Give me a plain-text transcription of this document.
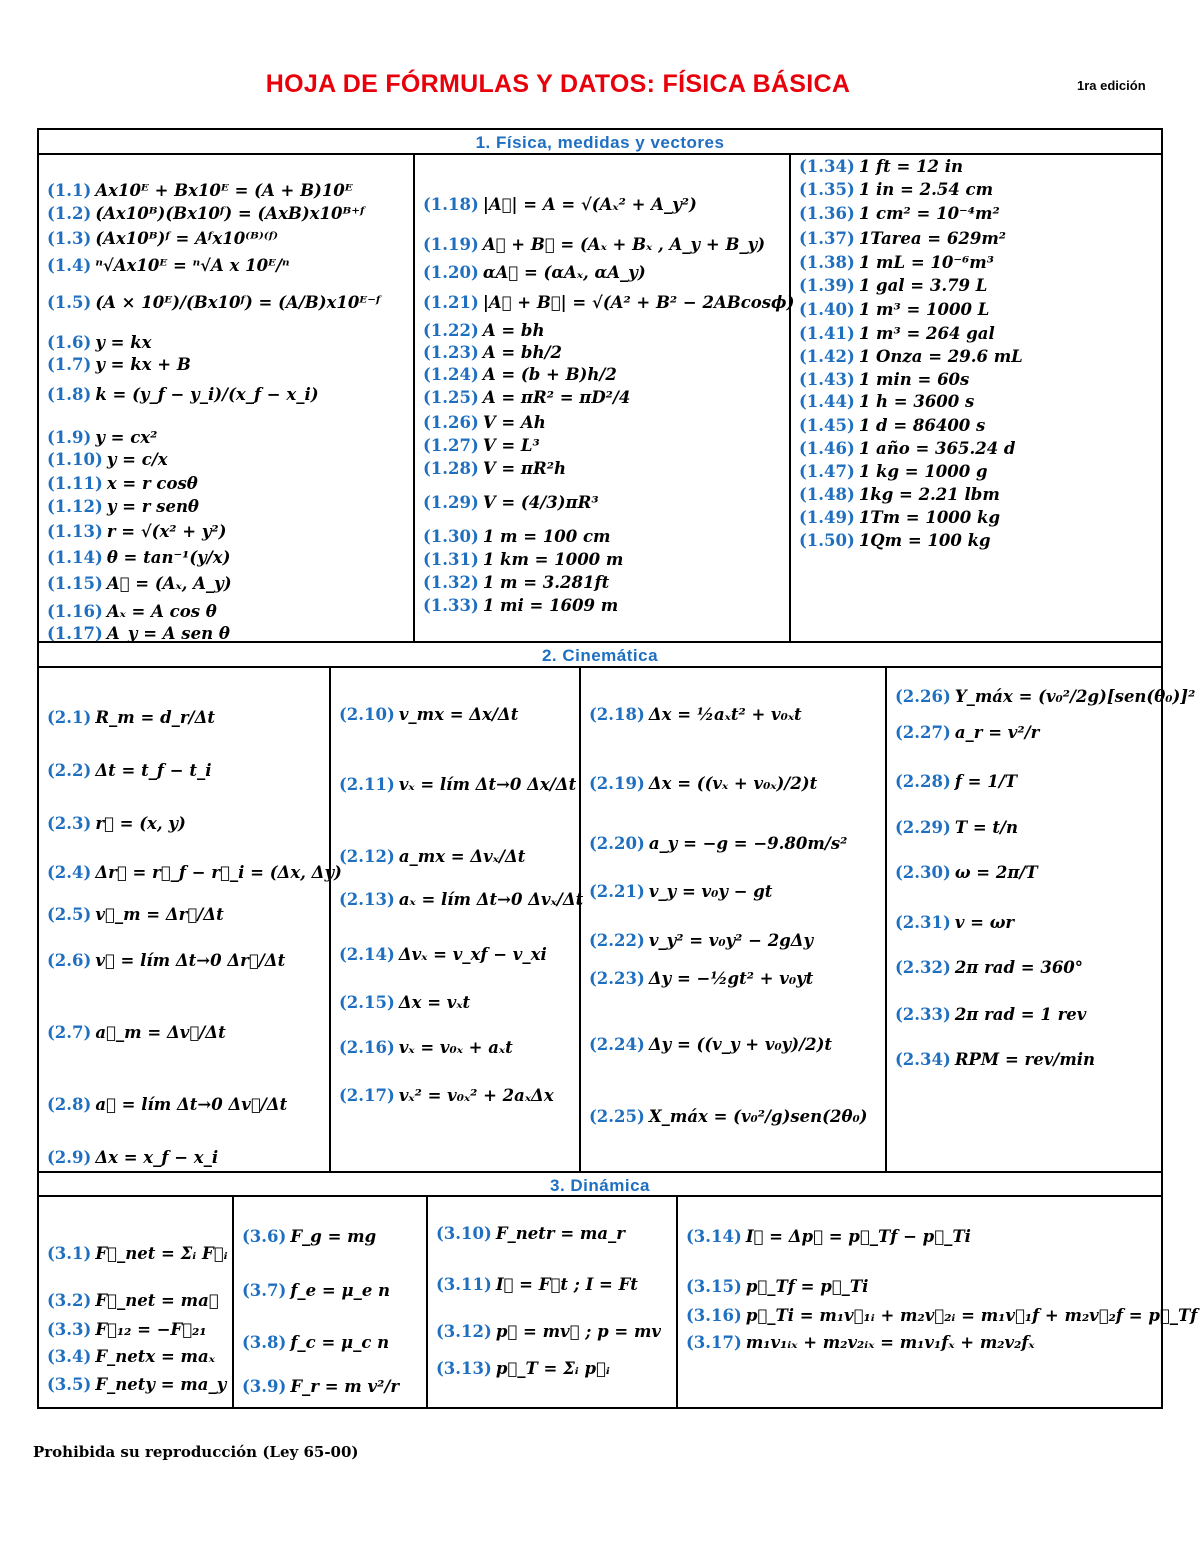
HOJA DE FÓRMULAS Y DATOS: FÍSICA BÁSICA	1ra edición
1. Física, medidas y vectores
(1.1) Ax10ᴱ + Bx10ᴱ = (A + B)10ᴱ
(1.2) (Ax10ᴮ)(Bx10ᶠ) = (AxB)x10ᴮ⁺ᶠ
(1.3) (Ax10ᴮ)ᶠ = Aᶠx10⁽ᴮ⁾⁽ᶠ⁾
(1.4) ⁿ√Ax10ᴱ = ⁿ√A x 10ᴱ/ⁿ
(1.5) (A × 10ᴱ)/(Bx10ᶠ) = (A/B)x10ᴱ⁻ᶠ
(1.6) y = kx
(1.7) y = kx + B
(1.8) k = (y_f − y_i)/(x_f − x_i)
(1.9) y = cx²
(1.10) y = c/x
(1.11) x = r cosθ
(1.12) y = r senθ
(1.13) r = √(x² + y²)
(1.14) θ = tan⁻¹(y/x)
(1.15) A⃗ = (Aₓ, A_y)
(1.16) Aₓ = A cos θ
(1.17) A_y = A sen θ
(1.18) |A⃗| = A = √(Aₓ² + A_y²)
(1.19) A⃗ + B⃗ = (Aₓ + Bₓ , A_y + B_y)
(1.20) αA⃗ = (αAₓ, αA_y)
(1.21) |A⃗ + B⃗| = √(A² + B² − 2ABcosϕ)
(1.22) A = bh
(1.23) A = bh/2
(1.24) A = (b + B)h/2
(1.25) A = πR² = πD²/4
(1.26) V = Ah
(1.27) V = L³
(1.28) V = πR²h
(1.29) V = (4/3)πR³
(1.30) 1 m = 100 cm
(1.31) 1 km = 1000 m
(1.32) 1 m = 3.281ft
(1.33) 1 mi = 1609 m
(1.34) 1 ft = 12 in
(1.35) 1 in = 2.54 cm
(1.36) 1 cm² = 10⁻⁴m²
(1.37) 1Tarea = 629m²
(1.38) 1 mL = 10⁻⁶m³
(1.39) 1 gal = 3.79 L
(1.40) 1 m³ = 1000 L
(1.41) 1 m³ = 264 gal
(1.42) 1 Onza = 29.6 mL
(1.43) 1 min = 60s
(1.44) 1 h = 3600 s
(1.45) 1 d = 86400 s
(1.46) 1 año = 365.24 d
(1.47) 1 kg = 1000 g
(1.48) 1kg = 2.21 lbm
(1.49) 1Tm = 1000 kg
(1.50) 1Qm = 100 kg
2. Cinemática
(2.1) R_m = d_r/Δt
(2.2) Δt = t_f − t_i
(2.3) r⃗ = (x, y)
(2.4) Δr⃗ = r⃗_f − r⃗_i = (Δx, Δy)
(2.5) v⃗_m = Δr⃗/Δt
(2.6) v⃗ = lím Δt→0 Δr⃗/Δt
(2.7) a⃗_m = Δv⃗/Δt
(2.8) a⃗ = lím Δt→0 Δv⃗/Δt
(2.9) Δx = x_f − x_i
(2.10) v_mx = Δx/Δt
(2.11) vₓ = lím Δt→0 Δx/Δt
(2.12) a_mx = Δvₓ/Δt
(2.13) aₓ = lím Δt→0 Δvₓ/Δt
(2.14) Δvₓ = v_xf − v_xi
(2.15) Δx = vₓt
(2.16) vₓ = v₀ₓ + aₓt
(2.17) vₓ² = v₀ₓ² + 2aₓΔx
(2.18) Δx = ½aₓt² + v₀ₓt
(2.19) Δx = ((vₓ + v₀ₓ)/2)t
(2.20) a_y = −g = −9.80m/s²
(2.21) v_y = v₀y − gt
(2.22) v_y² = v₀y² − 2gΔy
(2.23) Δy = −½gt² + v₀yt
(2.24) Δy = ((v_y + v₀y)/2)t
(2.25) X_máx = (v₀²/g)sen(2θ₀)
(2.26) Y_máx = (v₀²/2g)[sen(θ₀)]²
(2.27) a_r = v²/r
(2.28) f = 1/T
(2.29) T = t/n
(2.30) ω = 2π/T
(2.31) v = ωr
(2.32) 2π rad = 360°
(2.33) 2π rad = 1 rev
(2.34) RPM = rev/min
3. Dinámica
(3.1) F⃗_net = Σᵢ F⃗ᵢ
(3.2) F⃗_net = ma⃗
(3.3) F⃗₁₂ = −F⃗₂₁
(3.4) F_netx = maₓ
(3.5) F_nety = ma_y
(3.6) F_g = mg
(3.7) f_e = μ_e n
(3.8) f_c = μ_c n
(3.9) F_r = m v²/r
(3.10) F_netr = ma_r
(3.11) I⃗ = F⃗t ; I = Ft
(3.12) p⃗ = mv⃗ ; p = mv
(3.13) p⃗_T = Σᵢ p⃗ᵢ
(3.14) I⃗ = Δp⃗ = p⃗_Tf − p⃗_Ti
(3.15) p⃗_Tf = p⃗_Ti
(3.16) p⃗_Ti = m₁v⃗₁ᵢ + m₂v⃗₂ᵢ = m₁v⃗₁f + m₂v⃗₂f = p⃗_Tf
(3.17) m₁v₁ᵢₓ + m₂v₂ᵢₓ = m₁v₁fₓ + m₂v₂fₓ
Prohibida su reproducción (Ley 65-00)
